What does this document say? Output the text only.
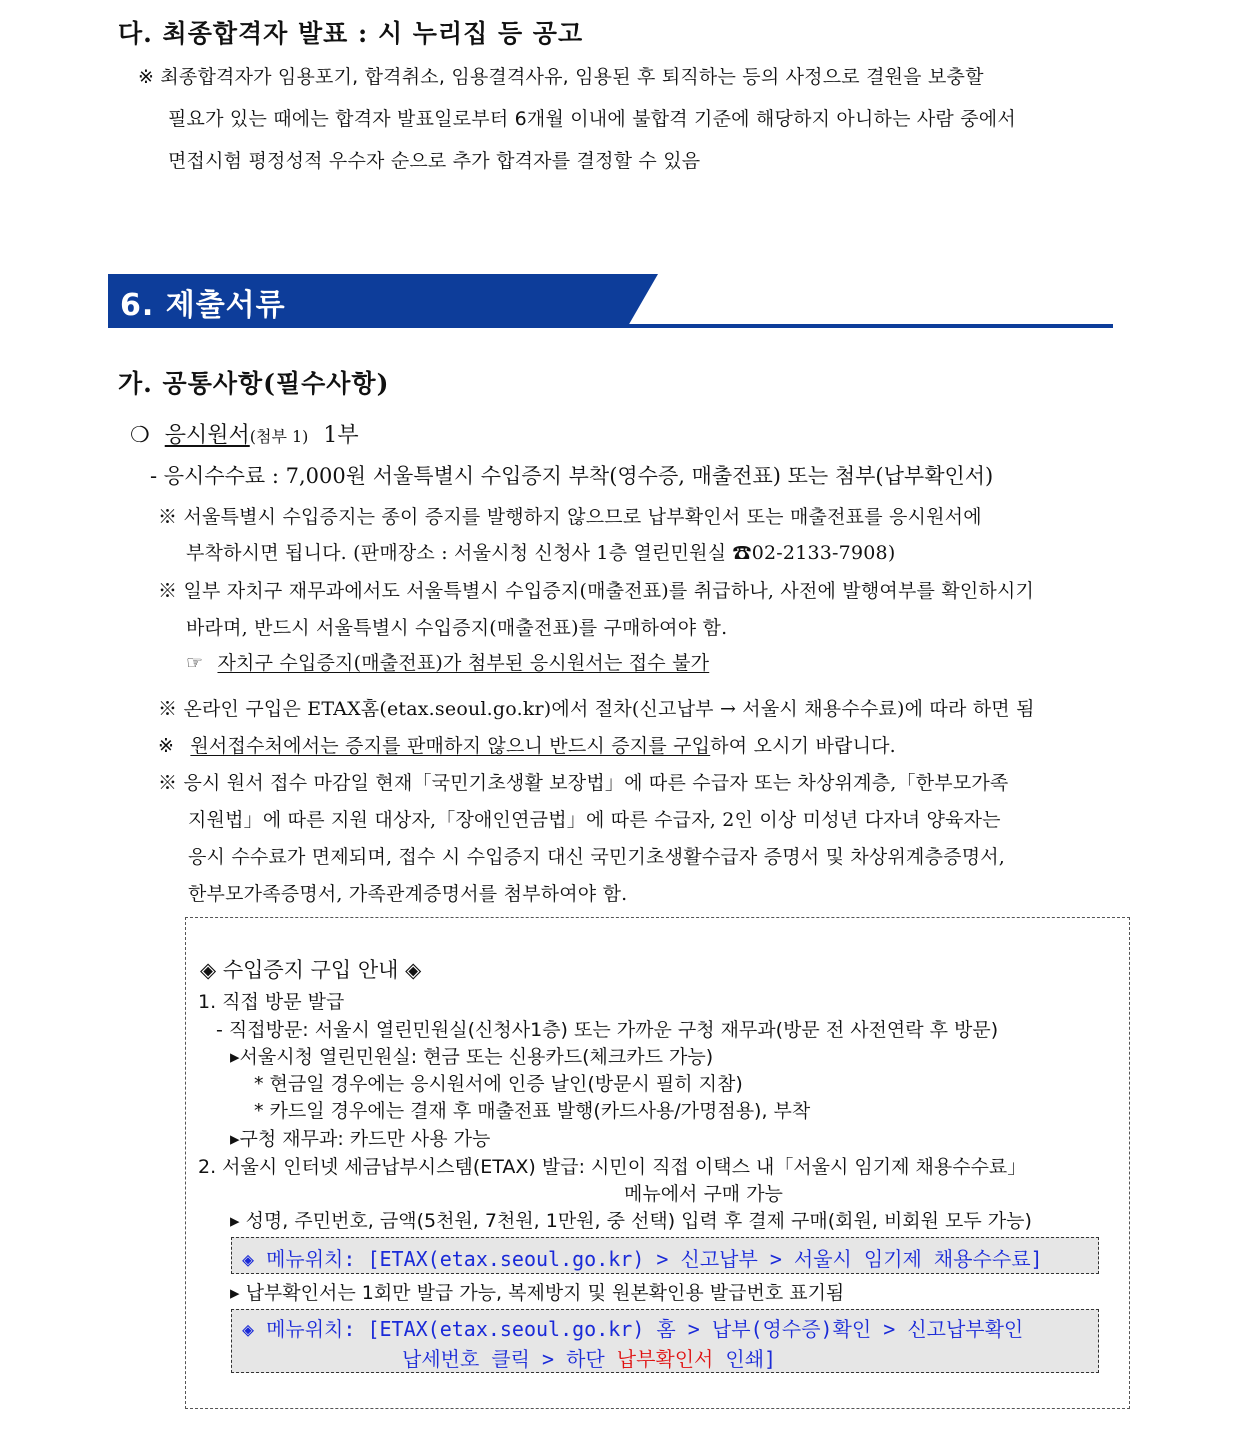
다. 최종합격자 발표 : 시 누리집 등 공고
※ 최종합격자가 임용포기, 합격취소, 임용결격사유, 임용된 후 퇴직하는 등의 사정으로 결원을 보충할
필요가 있는 때에는 합격자 발표일로부터 6개월 이내에 불합격 기준에 해당하지 아니하는 사람 중에서
면접시험 평정성적 우수자 순으로 추가 합격자를 결정할 수 있음
6. 제출서류
가. 공통사항(필수사항)
❍ 응시원서(첨부 1) 1부
- 응시수수료 : 7,000원 서울특별시 수입증지 부착(영수증, 매출전표) 또는 첨부(납부확인서)
※ 서울특별시 수입증지는 종이 증지를 발행하지 않으므로 납부확인서 또는 매출전표를 응시원서에
부착하시면 됩니다. (판매장소 : 서울시청 신청사 1층 열린민원실 ☎02-2133-7908)
※ 일부 자치구 재무과에서도 서울특별시 수입증지(매출전표)를 취급하나, 사전에 발행여부를 확인하시기
바라며, 반드시 서울특별시 수입증지(매출전표)를 구매하여야 함.
☞ 자치구 수입증지(매출전표)가 첨부된 응시원서는 접수 불가
※ 온라인 구입은 ETAX홈(etax.seoul.go.kr)에서 절차(신고납부 → 서울시 채용수수료)에 따라 하면 됨
※ 원서접수처에서는 증지를 판매하지 않으니 반드시 증지를 구입하여 오시기 바랍니다.
※ 응시 원서 접수 마감일 현재「국민기초생활 보장법」에 따른 수급자 또는 차상위계층,「한부모가족
지원법」에 따른 지원 대상자,「장애인연금법」에 따른 수급자, 2인 이상 미성년 다자녀 양육자는
응시 수수료가 면제되며, 접수 시 수입증지 대신 국민기초생활수급자 증명서 및 차상위계층증명서,
한부모가족증명서, 가족관계증명서를 첨부하여야 함.
◈ 수입증지 구입 안내 ◈
1. 직접 방문 발급
- 직접방문: 서울시 열린민원실(신청사1층) 또는 가까운 구청 재무과(방문 전 사전연락 후 방문)
▸서울시청 열린민원실: 현금 또는 신용카드(체크카드 가능)
* 현금일 경우에는 응시원서에 인증 날인(방문시 필히 지참)
* 카드일 경우에는 결재 후 매출전표 발행(카드사용/가명점용), 부착
▸구청 재무과: 카드만 사용 가능
2. 서울시 인터넷 세금납부시스템(ETAX) 발급: 시민이 직접 이택스 내「서울시 임기제 채용수수료」
메뉴에서 구매 가능
▸ 성명, 주민번호, 금액(5천원, 7천원, 1만원, 중 선택) 입력 후 결제 구매(회원, 비회원 모두 가능)
◈ 메뉴위치: [ETAX(etax.seoul.go.kr) > 신고납부 > 서울시 임기제 채용수수료]
▸ 납부확인서는 1회만 발급 가능, 복제방지 및 원본확인용 발급번호 표기됨
◈ 메뉴위치: [ETAX(etax.seoul.go.kr) 홈 > 납부(영수증)확인 > 신고납부확인
납세번호 클릭 > 하단 납부확인서 인쇄]
